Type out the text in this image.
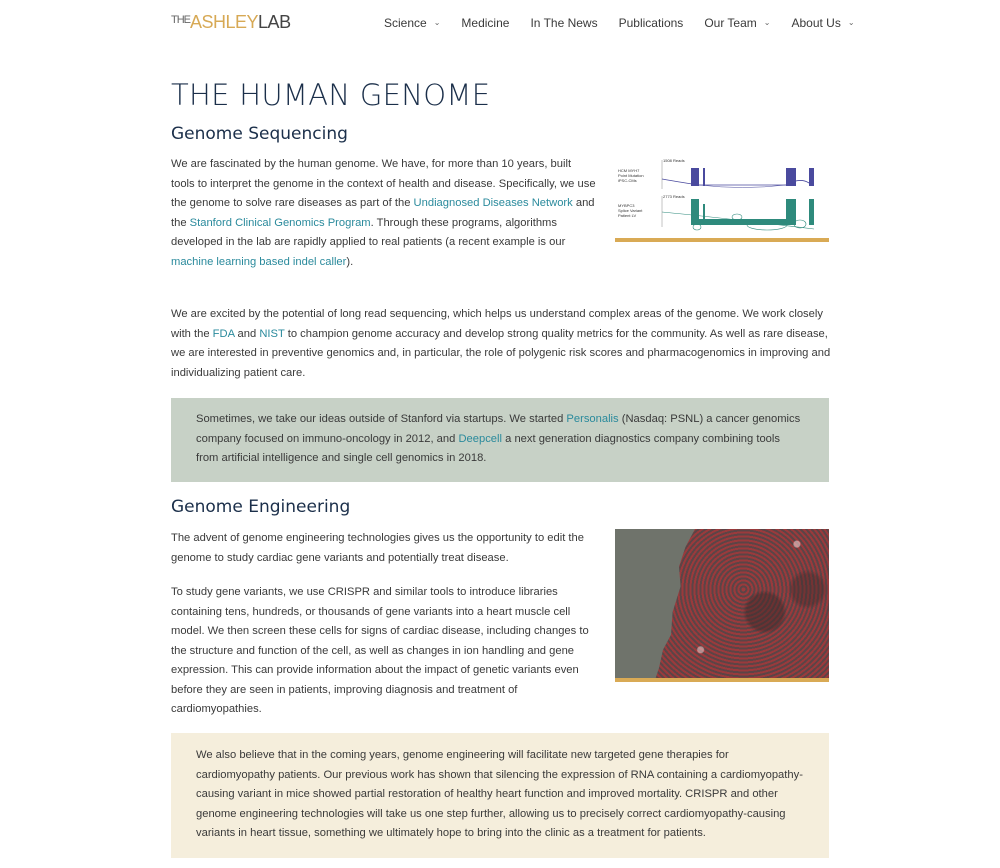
$^{THE}$ASHLEYLAB	Science ⌄ Medicine In The News Publications Our Team ⌄ About Us ⌄
THE HUMAN GENOME
Genome Sequencing

We are fascinated by the human genome. We have, for more than 10 years, built tools to interpret the genome in the context of health and disease. Specifically, we use the genome to solve rare diseases as part of the Undiagnosed Diseases Network and the Stanford Clinical Genomics Program. Through these programs, algorithms developed in the lab are rapidly applied to real patients (a recent example is our machine learning based indel caller).

HCM MYH7
Point Mutation
iPSC-CMs
1508 Reads
MYBPC3
Splice Variant
Patient LV
2773 Reads

We are excited by the potential of long read sequencing, which helps us understand complex areas of the genome. We work closely with the FDA and NIST to champion genome accuracy and develop strong quality metrics for the community. As well as rare disease, we are interested in preventive genomics and, in particular, the role of polygenic risk scores and pharmacogenomics in improving and individualizing patient care.

Sometimes, we take our ideas outside of Stanford via startups. We started Personalis (Nasdaq: PSNL) a cancer genomics company focused on immuno-oncology in 2012, and Deepcell a next generation diagnostics company combining tools from artificial intelligence and single cell genomics in 2018.
Genome Engineering

The advent of genome engineering technologies gives us the opportunity to edit the genome to study cardiac gene variants and potentially treat disease.

To study gene variants, we use CRISPR and similar tools to introduce libraries containing tens, hundreds, or thousands of gene variants into a heart muscle cell model. We then screen these cells for signs of cardiac disease, including changes to the structure and function of the cell, as well as changes in ion handling and gene expression. This can provide information about the impact of genetic variants even before they are seen in patients, improving diagnosis and treatment of cardiomyopathies.

We also believe that in the coming years, genome engineering will facilitate new targeted gene therapies for cardiomyopathy patients. Our previous work has shown that silencing the expression of RNA containing a cardiomyopathy-causing variant in mice showed partial restoration of healthy heart function and improved mortality. CRISPR and other genome engineering technologies will take us one step further, allowing us to precisely correct cardiomyopathy-causing variants in heart tissue, something we ultimately hope to bring into the clinic as a treatment for patients.
